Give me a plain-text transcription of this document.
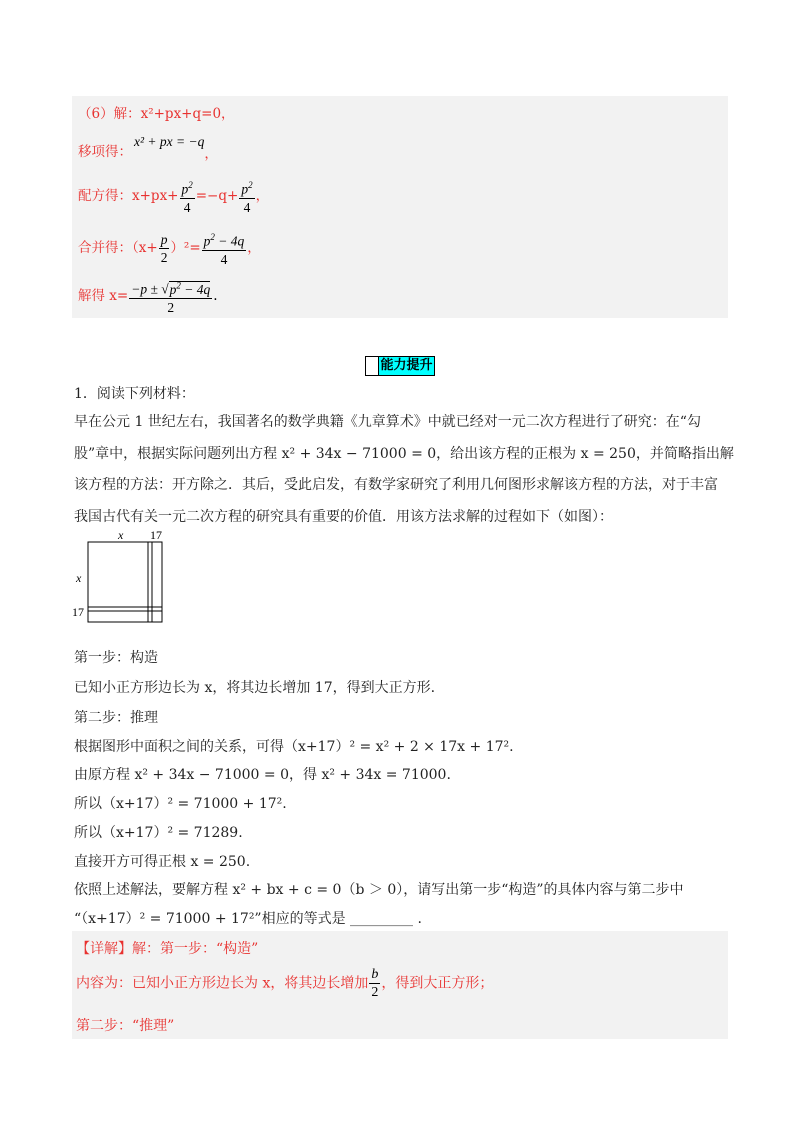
（6）解：x²+px+q=0，
移项得：x² + px = −q，
配方得：$x+px+ \frac{p^2}{4} =-q+ \frac{p^2}{4}$ ，
合并得：$(x+ \frac{p}{2} )^2= \frac{p^2 - 4q}{4}$ ，
解得 $x= \frac{-p \pm √p^2 - 4q}{2}$ .
能力提升
1．阅读下列材料：
早在公元 1 世纪左右，我国著名的数学典籍《九章算术》中就已经对一元二次方程进行了研究：在“勾
股”章中，根据实际问题列出方程 x² + 34x − 71000 = 0，给出该方程的正根为 x = 250，并简略指出解
该方程的方法：开方除之．其后，受此启发，有数学家研究了利用几何图形求解该方程的方法，对于丰富
我国古代有关一元二次方程的研究具有重要的价值．用该方法求解的过程如下（如图）：
x 17
x
17
第一步：构造
已知小正方形边长为 x，将其边长增加 17，得到大正方形.
第二步：推理
根据图形中面积之间的关系，可得（x+17）² = x² + 2 × 17x + 17².
由原方程 x² + 34x − 71000 = 0，得 x² + 34x = 71000.
所以（x+17）² = 71000 + 17².
所以（x+17）² = 71289.
直接开方可得正根 x = 250.
依照上述解法，要解方程 x² + bx + c = 0（b ＞ 0），请写出第一步“构造”的具体内容与第二步中
“（x+17）² = 71000 + 17²”相应的等式是 _________ .
【详解】解：第一步：“构造”
内容为：已知小正方形边长为 x，将其边长增加 $\frac{b}{2}$ ，得到大正方形；
第二步：“推理”
